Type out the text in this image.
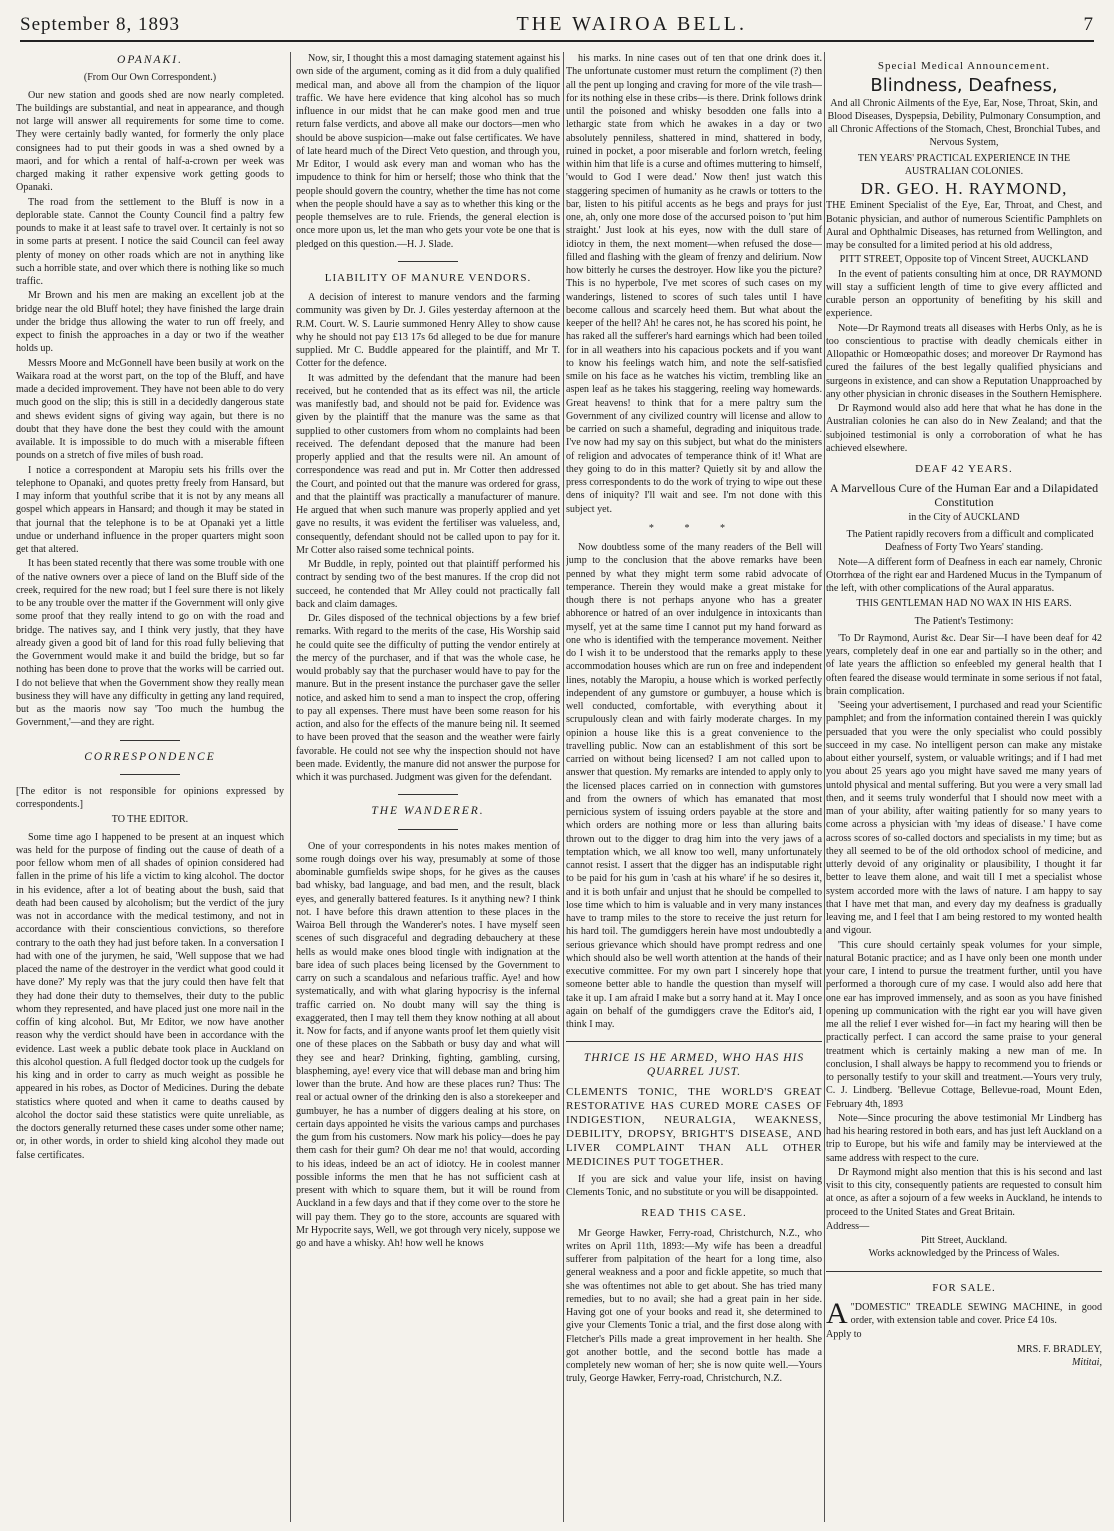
September 8, 1893	THE WAIROA BELL.	7
OPANAKI.
(From Our Own Correspondent.)

Our new station and goods shed are now nearly completed. The buildings are substantial, and neat in appearance, and though not large will answer all requirements for some time to come. They were certainly badly wanted, for formerly the only place consignees had to put their goods in was a shed owned by a maori, and for which a rental of half-a-crown per week was charged making it rather expensive work getting goods to Opanaki.

The road from the settlement to the Bluff is now in a deplorable state. Cannot the County Council find a paltry few pounds to make it at least safe to travel over. It certainly is not so in some parts at present. I notice the said Council can feel away plenty of money on other roads which are not in anything like such a horrible state, and over which there is nothing like so much traffic.

Mr Brown and his men are making an excellent job at the bridge near the old Bluff hotel; they have finished the large drain under the bridge thus allowing the water to run off freely, and expect to finish the approaches in a day or two if the weather holds up.

Messrs Moore and McGonnell have been busily at work on the Waikara road at the worst part, on the top of the Bluff, and have made a decided improvement. They have not been able to do very much good on the slip; this is still in a decidedly dangerous state and shews evident signs of giving way again, but there is no doubt that they have done the best they could with the amount available. It is impossible to do much with a miserable fifteen pounds on a stretch of five miles of bush road.

I notice a correspondent at Maropiu sets his frills over the telephone to Opanaki, and quotes pretty freely from Hansard, but I may inform that youthful scribe that it is not by any means all gospel which appears in Hansard; and though it may be stated in that journal that the telephone is to be at Opanaki yet a little undue or underhand influence in the proper quarters might soon get that altered.

It has been stated recently that there was some trouble with one of the native owners over a piece of land on the Bluff side of the creek, required for the new road; but I feel sure there is not likely to be any trouble over the matter if the Government will only give some proof that they really intend to go on with the road and bridge. The natives say, and I think very justly, that they have already given a good bit of land for this road fully believing that the Government would make it and build the bridge, but so far nothing has been done to prove that the works will be carried out. I do not believe that when the Government show they really mean business they will have any difficulty in getting any land required, but as the maoris now say 'Too much the humbug the Government,'—and they are right.

CORRESPONDENCE

[The editor is not responsible for opinions expressed by correspondents.]

TO THE EDITOR.

Some time ago I happened to be present at an inquest which was held for the purpose of finding out the cause of death of a poor fellow whom men of all shades of opinion considered had fallen in the prime of his life a victim to king alcohol. The doctor in his evidence, after a lot of beating about the bush, said that death had been caused by alcoholism; but the verdict of the jury was not in accordance with the medical testimony, and not in accordance with their conscientious convictions, so therefore contrary to the oath they had just before taken. In a conversation I had with one of the jurymen, he said, 'Well suppose that we had placed the name of the destroyer in the verdict what good could it have done?' My reply was that the jury could then have felt that they had done their duty to themselves, their duty to the public whom they represented, and have placed just one more nail in the coffin of king alcohol. But, Mr Editor, we now have another reason why the verdict should have been in accordance with the evidence. Last week a public debate took place in Auckland on this alcohol question. A full fledged doctor took up the cudgels for his king and in order to carry as much weight as possible he appeared in his robes, as Doctor of Medicines. During the debate statistics where quoted and when it came to deaths caused by alcohol the doctor said these statistics were quite unreliable, as the doctors generally returned these cases under some other name; or, in other words, in order to shield king alcohol they made out false certificates.

Now, sir, I thought this a most damaging statement against his own side of the argument, coming as it did from a duly qualified medical man, and above all from the champion of the liquor traffic. We have here evidence that king alcohol has so much influence in our midst that he can make good men and true return false verdicts, and above all make our doctors—men who should be above suspicion—make out false certificates. We have of late heard much of the Direct Veto question, and through you, Mr Editor, I would ask every man and woman who has the impudence to think for him or herself; those who think that the people should govern the country, whether the time has not come when the people should have a say as to whether this king or the people themselves are to rule. Friends, the general election is once more upon us, let the man who gets your vote be one that is pledged on this question.—H. J. Slade.

LIABILITY OF MANURE VENDORS.

A decision of interest to manure vendors and the farming community was given by Dr. J. Giles yesterday afternoon at the R.M. Court. W. S. Laurie summoned Henry Alley to show cause why he should not pay £13 17s 6d alleged to be due for manure supplied. Mr C. Buddle appeared for the plaintiff, and Mr T. Cotter for the defence.

It was admitted by the defendant that the manure had been received, but he contended that as its effect was nil, the article was manifestly bad, and should not be paid for. Evidence was given by the plaintiff that the manure was the same as that supplied to other customers from whom no complaints had been received. The defendant deposed that the manure had been properly applied and that the results were nil. An amount of correspondence was read and put in. Mr Cotter then addressed the Court, and pointed out that the manure was ordered for grass, and that the plaintiff was practically a manufacturer of manure. He argued that when such manure was properly applied and yet gave no results, it was evident the fertiliser was valueless, and, consequently, defendant should not be called upon to pay for it. Mr Cotter also raised some technical points.

Mr Buddle, in reply, pointed out that plaintiff performed his contract by sending two of the best manures. If the crop did not succeed, he contended that Mr Alley could not practically fall back and claim damages.

Dr. Giles disposed of the technical objections by a few brief remarks. With regard to the merits of the case, His Worship said he could quite see the difficulty of putting the vendor entirely at the mercy of the purchaser, and if that was the whole case, he would probably say that the purchaser would have to pay for the manure. But in the present instance the purchaser gave the seller notice, and asked him to send a man to inspect the crop, offering to pay all expenses. There must have been some reason for his action, and also for the effects of the manure being nil. It seemed to have been proved that the season and the weather were fairly favorable. He could not see why the inspection should not have been made. Evidently, the manure did not answer the purpose for which it was purchased. Judgment was given for the defendant.

THE WANDERER.

One of your correspondents in his notes makes mention of some rough doings over his way, presumably at some of those abominable gumfields swipe shops, for he gives as the causes bad whisky, bad language, and bad men, and the result, black eyes, and generally battered features. Is it anything new? I think not. I have before this drawn attention to these places in the Wairoa Bell through the Wanderer's notes. I have myself seen scenes of such disgraceful and degrading debauchery at these hells as would make ones blood tingle with indignation at the bare idea of such places being licensed by the Government to carry on such a scandalous and nefarious traffic. Aye! and how systematically, and with what glaring hypocrisy is the infernal traffic carried on. No doubt many will say the thing is exaggerated, then I may tell them they know nothing at all about it. Now for facts, and if anyone wants proof let them quietly visit one of these places on the Sabbath or busy day and what will they see and hear? Drinking, fighting, gambling, cursing, blaspheming, aye! every vice that will debase man and bring him lower than the brute. And how are these places run? Thus: The real or actual owner of the drinking den is also a storekeeper and gumbuyer, he has a number of diggers dealing at his store, on certain days appointed he visits the various camps and purchases the gum from his customers. Now mark his policy—does he pay them cash for their gum? Oh dear me no! that would, according to his ideas, indeed be an act of idiotcy. He in coolest manner possible informs the men that he has not sufficient cash at present with which to square them, but it will be round from Auckland in a few days and that if they come over to the store he will pay them. They go to the store, accounts are squared with Mr Hypocrite says, Well, we got through very nicely, suppose we go and have a whisky. Ah! how well he knows

his marks. In nine cases out of ten that one drink does it. The unfortunate customer must return the compliment (?) then all the pent up longing and craving for more of the vile trash—for its nothing else in these cribs—is there. Drink follows drink until the poisoned and whisky besodden one falls into a lethargic state from which he awakes in a day or two absolutely penniless, shattered in mind, shattered in body, ruined in pocket, a poor miserable and forlorn wretch, feeling within him that life is a curse and oftimes muttering to himself, 'would to God I were dead.' Now then! just watch this staggering specimen of humanity as he crawls or totters to the bar, listen to his pitiful accents as he begs and prays for just one, ah, only one more dose of the accursed poison to 'put him straight.' Just look at his eyes, now with the dull stare of idiotcy in them, the next moment—when refused the dose—filled and flashing with the gleam of frenzy and delirium. Now how bitterly he curses the destroyer. How like you the picture? This is no hyperbole, I've met scores of such cases on my wanderings, listened to scores of such tales until I have become callous and scarcely heed them. But what about the keeper of the hell? Ah! he cares not, he has scored his point, he has raked all the sufferer's hard earnings which had been toiled for in all weathers into his capacious pockets and if you want to know his feelings watch him, and note the self-satisfied smile on his face as he watches his victim, trembling like an aspen leaf as he takes his staggering, reeling way homewards. Great heavens! to think that for a mere paltry sum the Government of any civilized country will license and allow to be carried on such a shameful, degrading and iniquitous trade. I've now had my say on this subject, but what do the ministers of religion and advocates of temperance think of it! What are they going to do in this matter? Quietly sit by and allow the press correspondents to do the work of trying to wipe out these dens of iniquity? I'll wait and see. I'm not done with this subject yet.

* * *

Now doubtless some of the many readers of the Bell will jump to the conclusion that the above remarks have been penned by what they might term some rabid advocate of temperance. Therein they would make a great mistake for though there is not perhaps anyone who has a greater abhorence or hatred of an over indulgence in intoxicants than myself, yet at the same time I cannot put my hand forward as one who is identified with the temperance movement. Neither do I wish it to be understood that the remarks apply to these accommodation houses which are run on free and independent lines, notably the Maropiu, a house which is worked perfectly independent of any gumstore or gumbuyer, a house which is well conducted, comfortable, with everything about it scrupulously clean and with fairly moderate charges. In my opinion a house like this is a great convenience to the travelling public. Now can an establishment of this sort be carried on without being licensed? I am not called upon to answer that question. My remarks are intended to apply only to the licensed places carried on in connection with gumstores and from the owners of which has emanated that most pernicious system of issuing orders payable at the store and which orders are nothing more or less than alluring baits thrown out to the digger to drag him into the very jaws of a temptation which, we all know too well, many unfortunately cannot resist. I assert that the digger has an indisputable right to be paid for his gum in 'cash at his whare' if he so desires it, and it is both unfair and unjust that he should be compelled to lose time which to him is valuable and in very many instances have to tramp miles to the store to receive the just return for his hard toil. The gumdiggers herein have most undoubtedly a serious grievance which should have prompt redress and one which should also be well worth attention at the hands of their executive committee. For my own part I sincerely hope that someone better able to handle the question than myself will take it up. I am afraid I make but a sorry hand at it. May I once again on behalf of the gumdiggers crave the Editor's aid, I think I may.

THRICE IS HE ARMED, WHO HAS HIS QUARREL JUST.
CLEMENTS TONIC, THE WORLD'S GREAT RESTORATIVE HAS CURED MORE CASES OF INDIGESTION, NEURALGIA, WEAKNESS, DEBILITY, DROPSY, BRIGHT'S DISEASE, AND LIVER COMPLAINT THAN ALL OTHER MEDICINES PUT TOGETHER.

If you are sick and value your life, insist on having Clements Tonic, and no substitute or you will be disappointed.

READ THIS CASE.

Mr George Hawker, Ferry-road, Christchurch, N.Z., who writes on April 11th, 1893:—My wife has been a dreadful sufferer from palpitation of the heart for a long time, also general weakness and a poor and fickle appetite, so much that she was oftentimes not able to get about. She has tried many remedies, but to no avail; she had a great pain in her side. Having got one of your books and read it, she determined to give your Clements Tonic a trial, and the first dose along with Fletcher's Pills made a great improvement in her health. She got another bottle, and the second bottle has made a completely new woman of her; she is now quite well.—Yours truly, George Hawker, Ferry-road, Christchurch, N.Z.

Special Medical Announcement.
Blindness, Deafness,

And all Chronic Ailments of the Eye, Ear, Nose, Throat, Skin, and Blood Diseases, Dyspepsia, Debility, Pulmonary Consumption, and all Chronic Affections of the Stomach, Chest, Bronchial Tubes, and Nervous System,

TEN YEARS' PRACTICAL EXPERIENCE IN THE AUSTRALIAN COLONIES.
DR. GEO. H. RAYMOND,

THE Eminent Specialist of the Eye, Ear, Throat, and Chest, and Botanic physician, and author of numerous Scientific Pamphlets on Aural and Ophthalmic Diseases, has returned from Wellington, and may be consulted for a limited period at his old address,

PITT STREET, Opposite top of Vincent Street, AUCKLAND

In the event of patients consulting him at once, DR RAYMOND will stay a sufficient length of time to give every afflicted and curable person an opportunity of benefiting by his skill and experience.

Note—Dr Raymond treats all diseases with Herbs Only, as he is too conscientious to practise with deadly chemicals either in Allopathic or Homœopathic doses; and moreover Dr Raymond has cured the failures of the best legally qualified physicians and surgeons in existence, and can show a Reputation Unapproached by any other physician in chronic diseases in the Southern Hemisphere.

Dr Raymond would also add here that what he has done in the Australian colonies he can also do in New Zealand; and that the subjoined testimonial is only a corroboration of what he has achieved elsewhere.

DEAF 42 YEARS.
A Marvellous Cure of the Human Ear and a Dilapidated Constitution
in the City of AUCKLAND

The Patient rapidly recovers from a difficult and complicated Deafness of Forty Two Years' standing.

Note—A different form of Deafness in each ear namely, Chronic Otorrhœa of the right ear and Hardened Mucus in the Tympanum of the left, with other complications of the Aural apparatus.

THIS GENTLEMAN HAD NO WAX IN HIS EARS.
The Patient's Testimony:

'To Dr Raymond, Aurist &c. Dear Sir—I have been deaf for 42 years, completely deaf in one ear and partially so in the other; and of late years the affliction so enfeebled my general health that I often feared the disease would terminate in some serious if not fatal, brain complication.

'Seeing your advertisement, I purchased and read your Scientific pamphlet; and from the information contained therein I was quickly persuaded that you were the only specialist who could possibly succeed in my case. No intelligent person can make any mistake about either yourself, system, or valuable writings; and if I had met you about 25 years ago you might have saved me many years of untold physical and mental suffering. But you were a very small lad then, and it seems truly wonderful that I should now meet with a man of your ability, after waiting patiently for so many years to come across a physician with 'my ideas of disease.' I have come across scores of so-called doctors and specialists in my time; but as they all seemed to be of the old orthodox school of medicine, and utterly devoid of any originality or plausibility, I thought it far better to leave them alone, and wait till I met a specialist whose system accorded more with the laws of nature. I am happy to say that I have met that man, and every day my deafness is gradually leaving me, and I feel that I am being restored to my wonted health and vigour.

'This cure should certainly speak volumes for your simple, natural Botanic practice; and as I have only been one month under your care, I intend to pursue the treatment further, until you have performed a thorough cure of my case. I would also add here that one ear has improved immensely, and as soon as you have finished opening up communication with the right ear you will have given me all the relief I ever wished for—in fact my hearing will then be practically perfect. I can accord the same praise to your general treatment which is certainly making a new man of me. In conclusion, I shall always be happy to recommend you to friends or to personally testify to your skill and treatment.—Yours very truly, C. J. Lindberg. 'Bellevue Cottage, Bellevue-road, Mount Eden, February 4th, 1893

Note—Since procuring the above testimonial Mr Lindberg has had his hearing restored in both ears, and has just left Auckland on a trip to Europe, but his wife and family may be interviewed at the same address with respect to the cure.

Dr Raymond might also mention that this is his second and last visit to this city, consequently patients are requested to consult him at once, as after a sojourn of a few weeks in Auckland, he intends to proceed to the United States and Great Britain.

Address—

Pitt Street, Auckland.
Works acknowledged by the Princess of Wales.
FOR SALE.

A "DOMESTIC" TREADLE SEWING MACHINE, in good order, with extension table and cover. Price £4 10s.

Apply to

MRS. F. BRADLEY,
Mititai,
